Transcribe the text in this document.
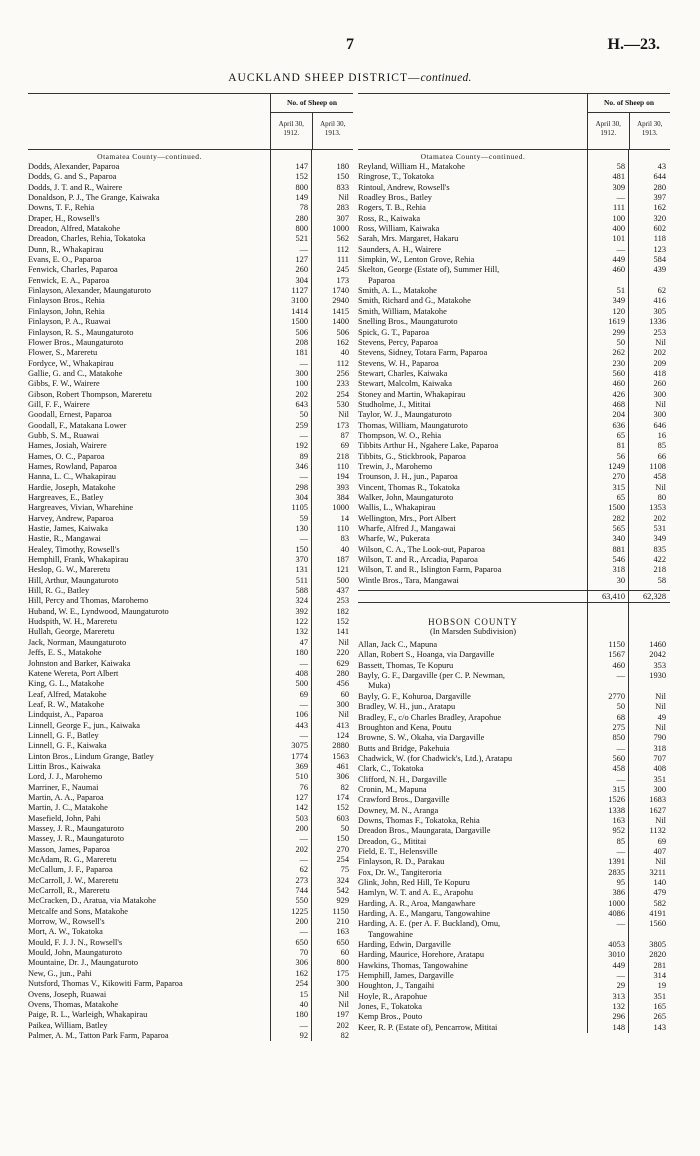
7	H.—23.
AUCKLAND SHEEP DISTRICT—continued.
No. of Sheep on
April 30, 1912.
April 30, 1913.
Otamatea County—continued.
Dodds, Alexander, Paparoa	147	180
Dodds, G. and S., Paparoa	152	150
Dodds, J. T. and R., Wairere	800	833
Donaldson, P. J., The Grange, Kaiwaka	149	Nil
Downs, T. F., Rehia	78	283
Draper, H., Rowsell's	280	307
Dreadon, Alfred, Matakohe	800	1000
Dreadon, Charles, Rehia, Tokatoka	521	562
Dunn, R., Whakapirau	—	112
Evans, E. O., Paparoa	127	111
Fenwick, Charles, Paparoa	260	245
Fenwick, E. A., Paparoa	304	173
Finlayson, Alexander, Maungaturoto	1127	1740
Finlayson Bros., Rehia	3100	2940
Finlayson, John, Rehia	1414	1415
Finlayson, P. A., Ruawai	1500	1400
Finlayson, R. S., Maungaturoto	506	506
Flower Bros., Maungaturoto	208	162
Flower, S., Mareretu	181	40
Fordyce, W., Whakapirau	—	112
Gallie, G. and C., Matakohe	300	256
Gibbs, F. W., Wairere	100	233
Gibson, Robert Thompson, Mareretu	202	254
Gill, F. F., Wairere	643	530
Goodall, Ernest, Paparoa	50	Nil
Goodall, F., Matakana Lower	259	173
Gubb, S. M., Ruawai	—	87
Hames, Josiah, Wairere	192	69
Hames, O. C., Paparoa	89	218
Hames, Rowland, Paparoa	346	110
Hanna, L. C., Whakapirau	—	194
Hardie, Joseph, Matakohe	298	393
Hargreaves, E., Batley	304	384
Hargreaves, Vivian, Wharehine	1105	1000
Harvey, Andrew, Paparoa	59	14
Hastie, James, Kaiwaka	130	110
Hastie, R., Mangawai	—	83
Healey, Timothy, Rowsell's	150	40
Hemphill, Frank, Whakapirau	370	187
Heslop, G. W., Mareretu	131	121
Hill, Arthur, Maungaturoto	511	500
Hill, R. G., Batley	588	437
Hill, Percy and Thomas, Marohemo	324	253
Huband, W. E., Lyndwood, Maungaturoto	392	182
Hudspith, W. H., Mareretu	122	152
Hullah, George, Mareretu	132	141
Jack, Norman, Maungaturoto	47	Nil
Jeffs, E. S., Matakohe	180	220
Johnston and Barker, Kaiwaka	—	629
Katene Wereta, Port Albert	408	280
King, G. L., Matakohe	500	456
Leaf, Alfred, Matakohe	69	60
Leaf, R. W., Matakohe	—	300
Lindquist, A., Paparoa	106	Nil
Linnell, George F., jun., Kaiwaka	443	413
Linnell, G. F., Batley	—	124
Linnell, G. F., Kaiwaka	3075	2880
Linton Bros., Lindum Grange, Batley	1774	1563
Littin Bros., Kaiwaka	369	461
Lord, J. J., Marohemo	510	306
Marriner, F., Naumai	76	82
Martin, A. A., Paparoa	127	174
Martin, J. C., Matakohe	142	152
Masefield, John, Pahi	503	603
Massey, J. R., Maungaturoto	200	50
Massey, J. R., Maungaturoto	—	150
Masson, James, Paparoa	202	270
McAdam, R. G., Mareretu	—	254
McCallum, J. F., Paparoa	62	75
McCarroll, J. W., Mareretu	273	324
McCarroll, R., Mareretu	744	542
McCracken, D., Aratua, via Matakohe	550	929
Metcalfe and Sons, Matakohe	1225	1150
Morrow, W., Rowsell's	200	210
Mort, A. W., Tokatoka	—	163
Mould, F. J. J. N., Rowsell's	650	650
Mould, John, Maungaturoto	70	60
Mountaine, Dr. J., Maungaturoto	306	800
New, G., jun., Pahi	162	175
Nutsford, Thomas V., Kikowiti Farm, Paparoa	254	300
Ovens, Joseph, Ruawai	15	Nil
Ovens, Thomas, Matakohe	40	Nil
Paige, R. L., Warleigh, Whakapirau	180	197
Paikea, William, Batley	—	202
Palmer, A. M., Tatton Park Farm, Paparoa	92	82
No. of Sheep on
April 30, 1912.
April 30, 1913.
Otamatea County—continued.
Reyland, William H., Matakohe	58	43
Ringrose, T., Tokatoka	481	644
Rintoul, Andrew, Rowsell's	309	280
Roadley Bros., Batley	—	397
Rogers, T. B., Rehia	111	162
Ross, R., Kaiwaka	100	320
Ross, William, Kaiwaka	400	602
Sarah, Mrs. Margaret, Hakaru	101	118
Saunders, A. H., Wairere	—	123
Simpkin, W., Lenton Grove, Rehia	449	584
Skelton, George (Estate of), Summer Hill,	460	439
Paparoa
Smith, A. L., Matakohe	51	62
Smith, Richard and G., Matakohe	349	416
Smith, William, Matakohe	120	305
Snelling Bros., Maungaturoto	1619	1336
Spick, G. T., Paparoa	299	253
Stevens, Percy, Paparoa	50	Nil
Stevens, Sidney, Totara Farm, Paparoa	262	202
Stevens, W. H., Paparoa	230	209
Stewart, Charles, Kaiwaka	560	418
Stewart, Malcolm, Kaiwaka	460	260
Stoney and Martin, Whakapirau	426	300
Studholme, J., Mititai	468	Nil
Taylor, W. J., Maungaturoto	204	300
Thomas, William, Maungaturoto	636	646
Thompson, W. O., Rehia	65	16
Tibbits Arthur H., Ngahere Lake, Paparoa	81	85
Tibbits, G., Stickbrook, Paparoa	56	66
Trewin, J., Marohemo	1249	1108
Trounson, J. H., jun., Paparoa	270	458
Vincent, Thomas R., Tokatoka	315	Nil
Walker, John, Maungaturoto	65	80
Wallis, L., Whakapirau	1500	1353
Wellington, Mrs., Port Albert	282	202
Wharfe, Alfred J., Mangawai	565	531
Wharfe, W., Pukerata	340	349
Wilson, C. A., The Look-out, Paparoa	881	835
Wilson, T. and R., Arcadia, Paparoa	546	422
Wilson, T. and R., Islington Farm, Paparoa	318	218
Wintle Bros., Tara, Mangawai	30	58
63,410	62,328
HOBSON COUNTY
(In Marsden Subdivision)
Allan, Jack C., Mapuna	1150	1460
Allan, Robert S., Hoanga, via Dargaville	1567	2042
Bassett, Thomas, Te Kopuru	460	353
Bayly, G. F., Dargaville (per C. P. Newman,	—	1930
Muka)
Bayly, G. F., Kohuroa, Dargaville	2770	Nil
Bradley, W. H., jun., Aratapu	50	Nil
Bradley, F., c/o Charles Bradley, Arapohue	68	49
Broughton and Kena, Poutu	275	Nil
Browne, S. W., Okaha, via Dargaville	850	790
Butts and Bridge, Pakehuia	—	318
Chadwick, W. (for Chadwick's, Ltd.), Aratapu	560	707
Clark, C., Tokatoka	458	408
Clifford, N. H., Dargaville	—	351
Cronin, M., Mapuna	315	300
Crawford Bros., Dargaville	1526	1683
Downey, M. N., Aranga	1338	1627
Downs, Thomas F., Tokatoka, Rehia	163	Nil
Dreadon Bros., Maungarata, Dargaville	952	1132
Dreadon, G., Mititai	85	69
Field, E. T., Helensville	—	407
Finlayson, R. D., Parakau	1391	Nil
Fox, Dr. W., Tangiteroria	2835	3211
Glink, John, Red Hill, Te Kopuru	95	140
Hamlyn, W. T. and A. E., Arapohu	386	479
Harding, A. R., Aroa, Mangawhare	1000	582
Harding, A. E., Mangaru, Tangowahine	4086	4191
Harding, A. E. (per A. F. Buckland), Omu,	—	1560
Tangowahine
Harding, Edwin, Dargaville	4053	3805
Harding, Maurice, Horehore, Aratapu	3010	2820
Hawkins, Thomas, Tangowahine	449	281
Hemphill, James, Dargaville	—	314
Houghton, J., Tangaihi	29	19
Hoyle, R., Arapohue	313	351
Jones, F., Tokatoka	132	165
Kemp Bros., Pouto	296	265
Keer, R. P. (Estate of), Pencarrow, Mititai	148	143
